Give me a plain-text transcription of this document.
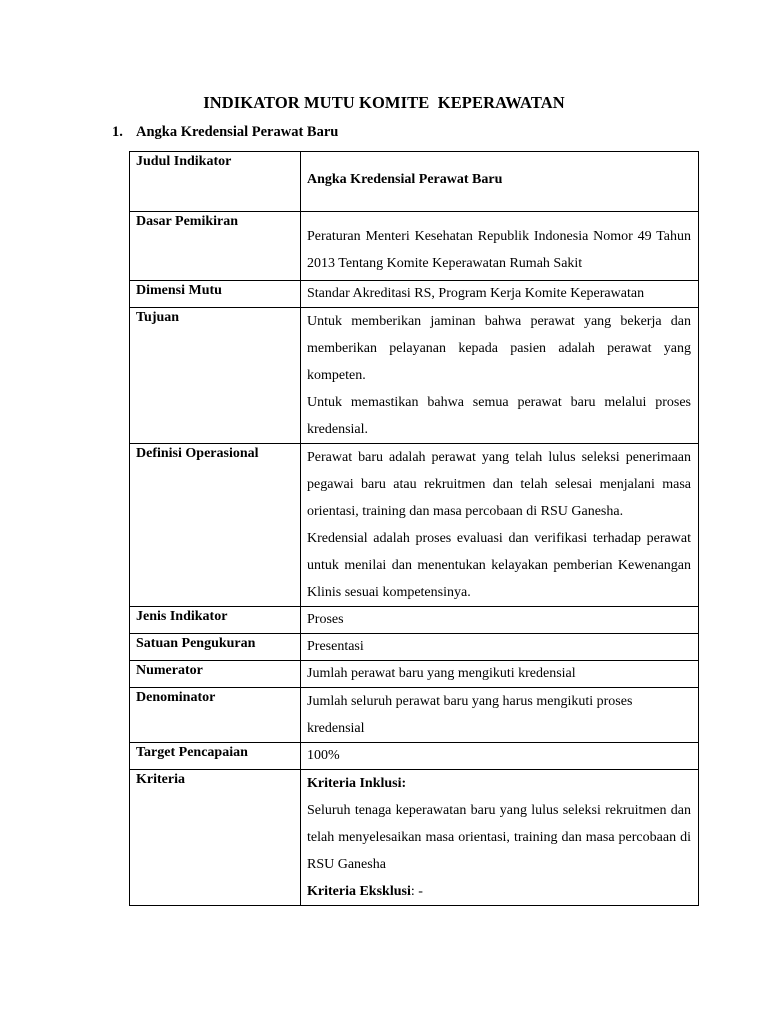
INDIKATOR MUTU KOMITE  KEPERAWATAN
1. Angka Kredensial Perawat Baru
Judul Indikator	Angka Kredensial Perawat Baru
Dasar Pemikiran	Peraturan Menteri Kesehatan Republik Indonesia Nomor 49 Tahun 2013 Tentang Komite Keperawatan Rumah Sakit
Dimensi Mutu	Standar Akreditasi RS, Program Kerja Komite Keperawatan
Tujuan	Untuk memberikan jaminan bahwa perawat yang bekerja dan memberikan pelayanan kepada pasien adalah perawat yang kompeten.

Untuk memastikan bahwa semua perawat baru melalui proses kredensial.

Definisi Operasional	Perawat baru adalah perawat yang telah lulus seleksi penerimaan pegawai baru atau rekruitmen dan telah selesai menjalani masa orientasi, training dan masa percobaan di RSU Ganesha.

Kredensial adalah proses evaluasi dan verifikasi terhadap perawat untuk menilai dan menentukan kelayakan pemberian Kewenangan Klinis sesuai kompetensinya.

Jenis Indikator	Proses
Satuan Pengukuran	Presentasi
Numerator	Jumlah perawat baru yang mengikuti kredensial
Denominator	Jumlah seluruh perawat baru yang harus mengikuti proses kredensial
Target Pencapaian	100%
Kriteria	Kriteria Inklusi:

Seluruh tenaga keperawatan baru yang lulus seleksi rekruitmen dan telah menyelesaikan masa orientasi, training dan masa percobaan di RSU Ganesha

Kriteria Eksklusi: -
